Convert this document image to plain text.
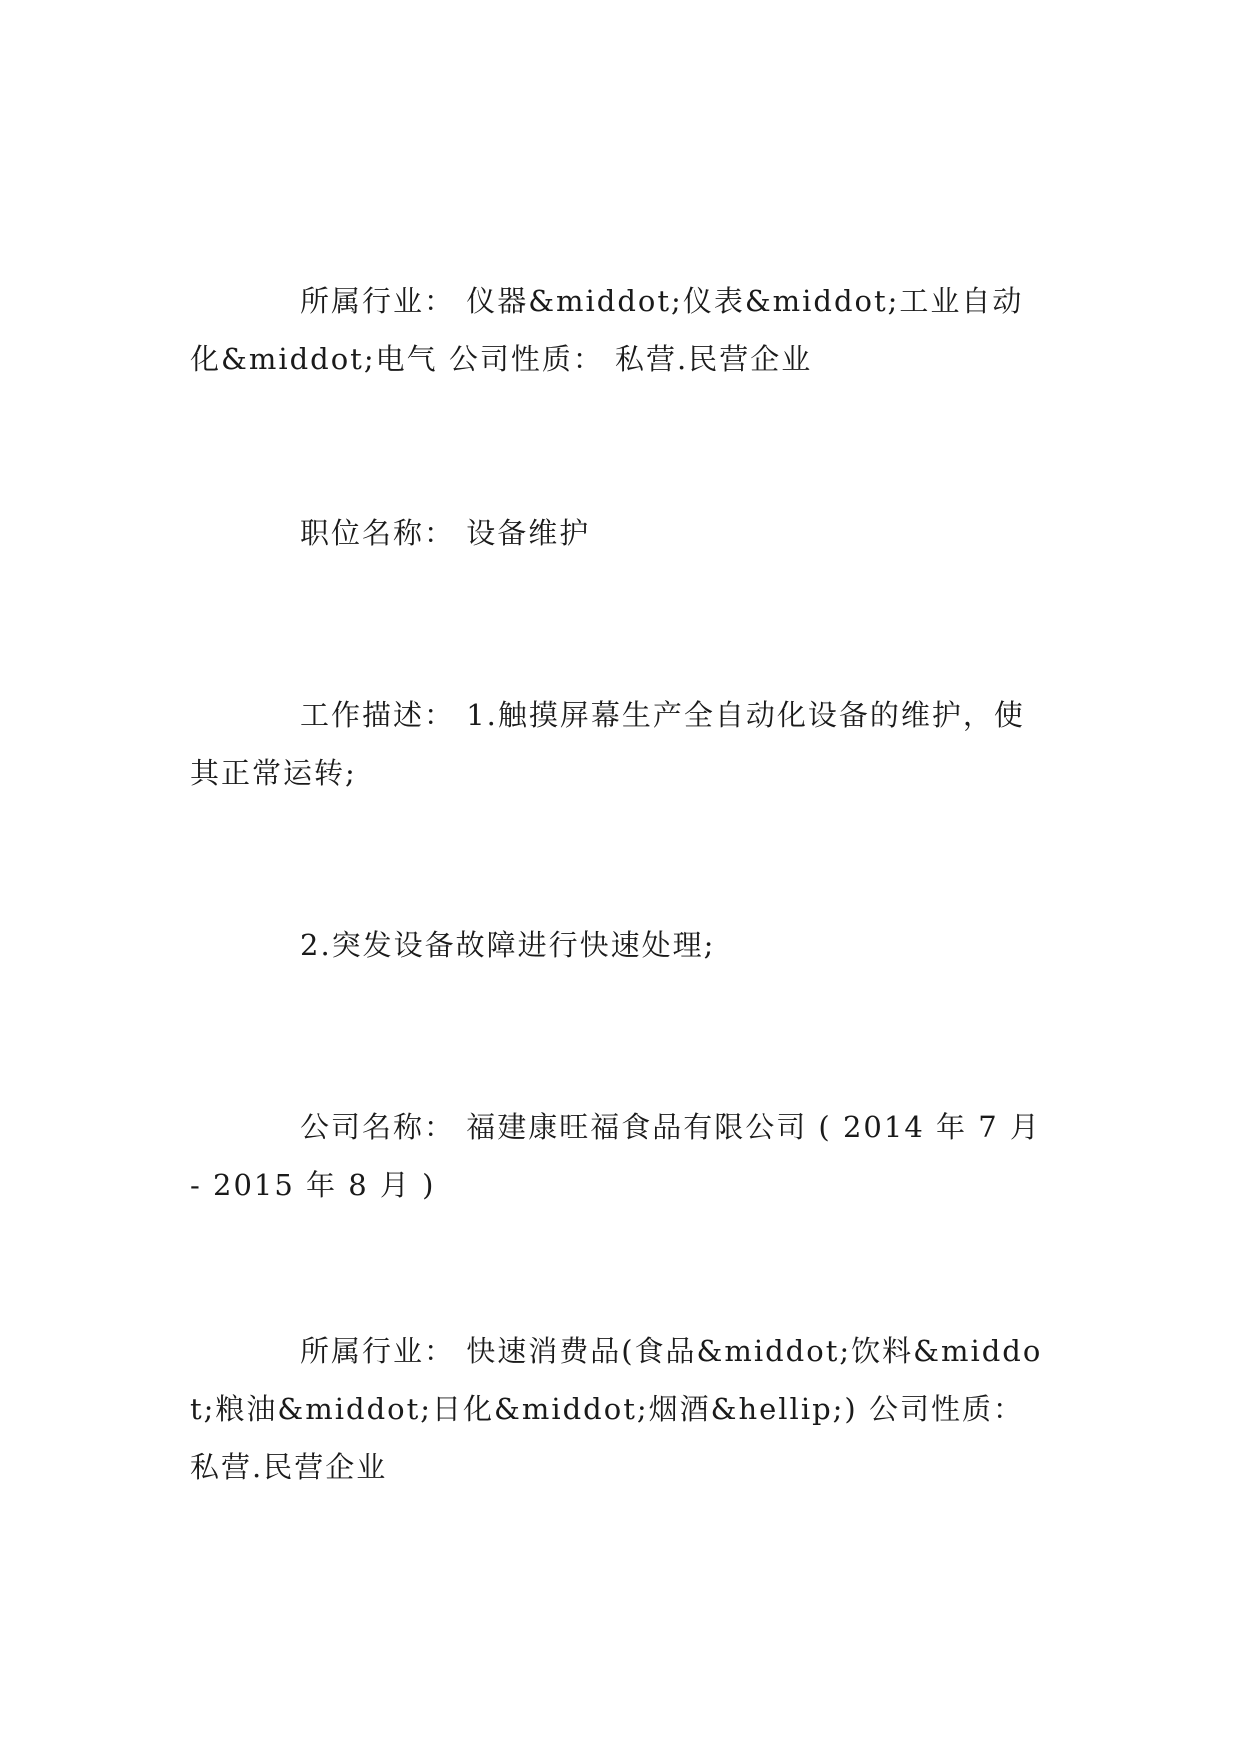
所属行业： 仪器&middot;仪表&middot;工业自动化&middot;电气 公司性质： 私营.民营企业

职位名称： 设备维护

工作描述： 1.触摸屏幕生产全自动化设备的维护，使其正常运转;

2.突发设备故障进行快速处理;

公司名称： 福建康旺福食品有限公司 ( 2014 年 7 月 - 2015 年 8 月 )

所属行业： 快速消费品(食品&middot;饮料&middot;粮油&middot;日化&middot;烟酒&hellip;) 公司性质： 私营.民营企业
